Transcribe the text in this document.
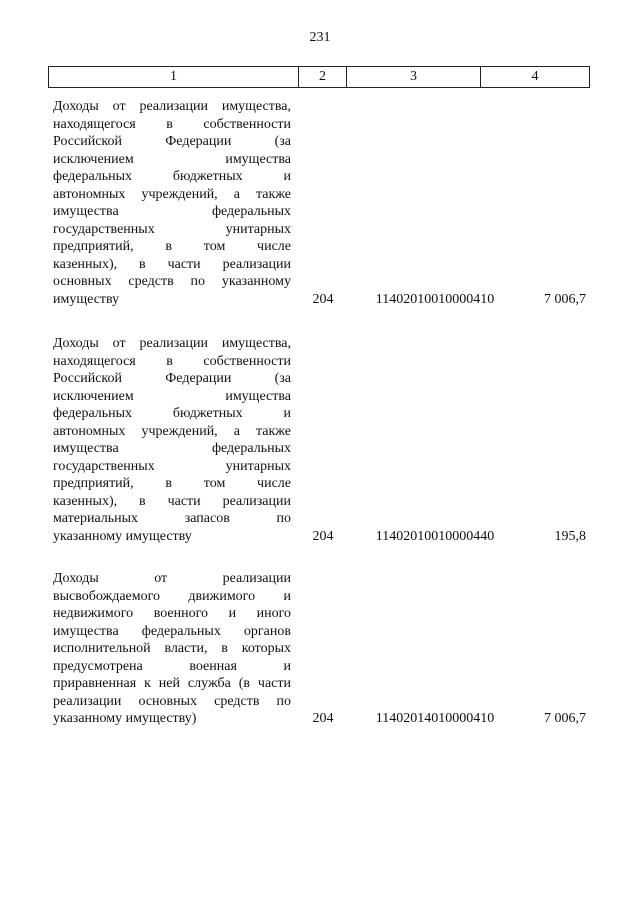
231
1	2	3	4
Доходы от реализации имущества,
находящегося в собственности
Российской Федерации (за
исключением имущества
федеральных бюджетных и
автономных учреждений, а также
имущества федеральных
государственных унитарных
предприятий, в том числе
казенных), в части реализации
основных средств по указанному
имуществу	204	11402010010000410	7 006,7
Доходы от реализации имущества,
находящегося в собственности
Российской Федерации (за
исключением имущества
федеральных бюджетных и
автономных учреждений, а также
имущества федеральных
государственных унитарных
предприятий, в том числе
казенных), в части реализации
материальных запасов по
указанному имуществу	204	11402010010000440	195,8
Доходы от реализации
высвобождаемого движимого и
недвижимого военного и иного
имущества федеральных органов
исполнительной власти, в которых
предусмотрена военная и
приравненная к ней служба (в части
реализации основных средств по
указанному имуществу)	204	11402014010000410	7 006,7
